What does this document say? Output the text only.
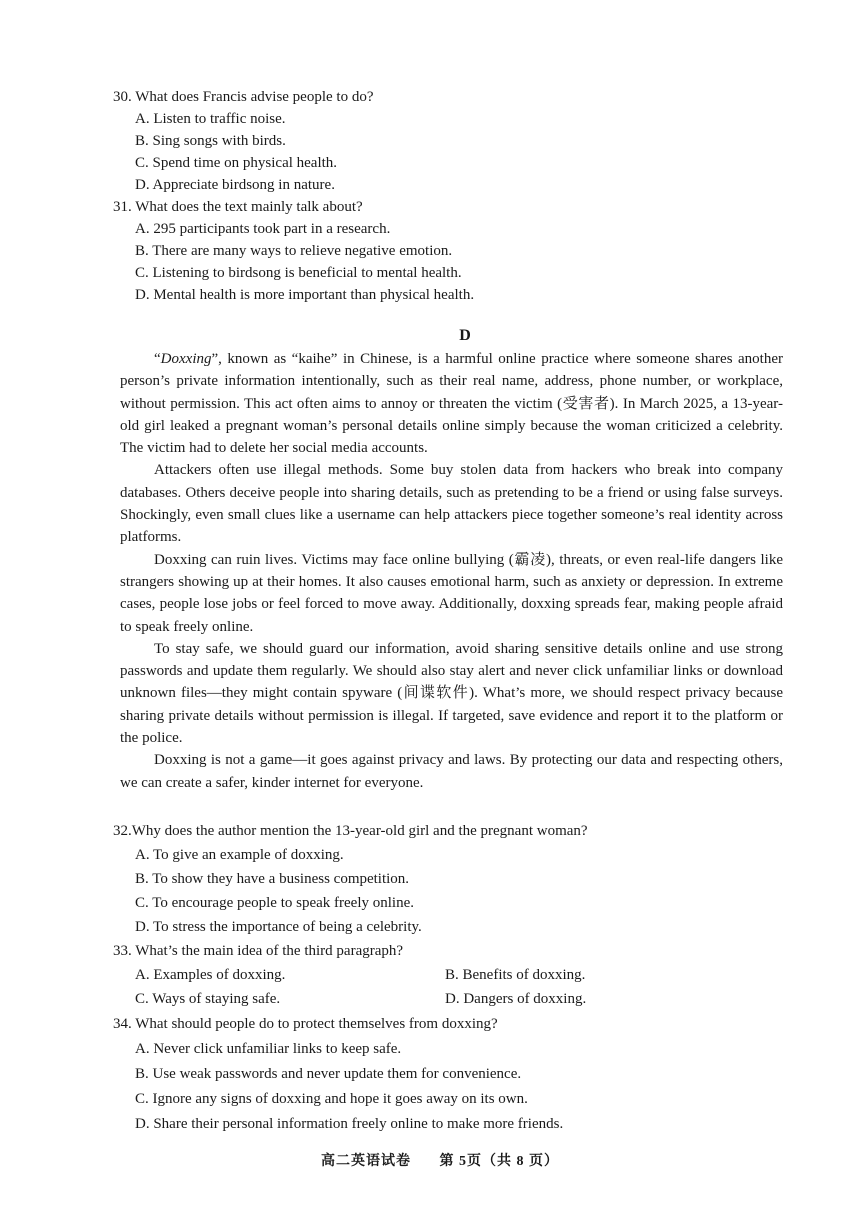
30. What does Francis advise people to do?
A. Listen to traffic noise.
B. Sing songs with birds.
C. Spend time on physical health.
D. Appreciate birdsong in nature.
31. What does the text mainly talk about?
A. 295 participants took part in a research.
B. There are many ways to relieve negative emotion.
C. Listening to birdsong is beneficial to mental health.
D. Mental health is more important than physical health.
D

“Doxxing”, known as “kaihe” in Chinese, is a harmful online practice where someone shares another person’s private information intentionally, such as their real name, address, phone number, or workplace, without permission. This act often aims to annoy or threaten the victim (受害者). In March 2025, a 13-year-old girl leaked a pregnant woman’s personal details online simply because the woman criticized a celebrity. The victim had to delete her social media accounts.

Attackers often use illegal methods. Some buy stolen data from hackers who break into company databases. Others deceive people into sharing details, such as pretending to be a friend or using false surveys. Shockingly, even small clues like a username can help attackers piece together someone’s real identity across platforms.

Doxxing can ruin lives. Victims may face online bullying (霸凌), threats, or even real-life dangers like strangers showing up at their homes. It also causes emotional harm, such as anxiety or depression. In extreme cases, people lose jobs or feel forced to move away. Additionally, doxxing spreads fear, making people afraid to speak freely online.

To stay safe, we should guard our information, avoid sharing sensitive details online and use strong passwords and update them regularly. We should also stay alert and never click unfamiliar links or download unknown files—they might contain spyware (间谍软件). What’s more, we should respect privacy because sharing private details without permission is illegal. If targeted, save evidence and report it to the platform or the police.

Doxxing is not a game—it goes against privacy and laws. By protecting our data and respecting others, we can create a safer, kinder internet for everyone.

32.Why does the author mention the 13-year-old girl and the pregnant woman?
A. To give an example of doxxing.
B. To show they have a business competition.
C. To encourage people to speak freely online.
D. To stress the importance of being a celebrity.
33. What’s the main idea of the third paragraph?
A. Examples of doxxing.	B. Benefits of doxxing.
C. Ways of staying safe.	D. Dangers of doxxing.
34. What should people do to protect themselves from doxxing?
A. Never click unfamiliar links to keep safe.
B. Use weak passwords and never update them for convenience.
C. Ignore any signs of doxxing and hope it goes away on its own.
D. Share their personal information freely online to make more friends.
高二英语试卷 第 5页（共 8 页）
